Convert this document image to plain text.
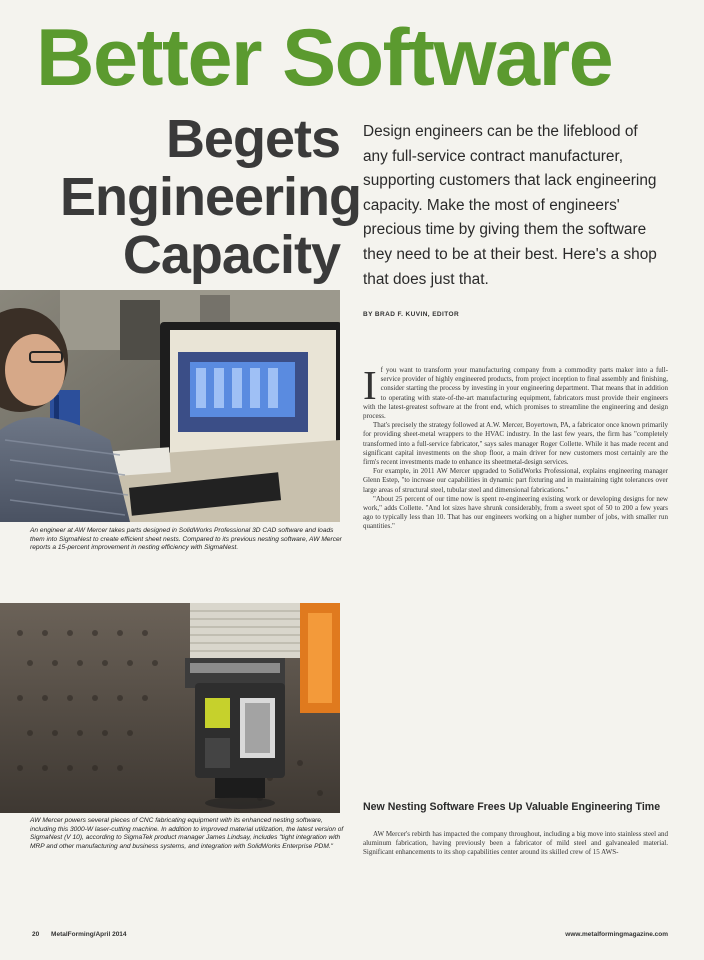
Better Software
Begets
Engineering
Capacity
Design engineers can be the lifeblood of any full-service contract manufacturer, supporting customers that lack engineering capacity. Make the most of engineers' precious time by giving them the software they need to be at their best. Here's a shop that does just that.
BY BRAD F. KUVIN, EDITOR
An engineer at AW Mercer takes parts designed in SolidWorks Professional 3D CAD software and loads them into SigmaNest to create efficient sheet nests. Compared to its previous nesting software, AW Mercer reports a 15-percent improvement in nesting efficiency with SigmaNest.
AW Mercer powers several pieces of CNC fabricating equipment with its enhanced nesting software, including this 3000-W laser-cutting machine. In addition to improved material utilization, the latest version of SigmaNest (V 10), according to SigmaTek product manager James Lindsay, includes "tight integration with MRP and other manufacturing and business systems, and integration with SolidWorks Enterprise PDM."

If you want to transform your manufacturing company from a commodity parts maker into a full-service provider of highly engineered products, from project inception to final assembly and finishing, consider starting the process by investing in your engineering department. That means that in addition to operating with state-of-the-art manufacturing equipment, fabricators must provide their engineers with the latest-greatest software at the front end, which promises to streamline the engineering and design process.

That's precisely the strategy followed at A.W. Mercer, Boyertown, PA, a fabricator once known primarily for providing sheet-metal wrappers to the HVAC industry. In the last few years, the firm has "completely transformed into a full-service fabricator," says sales manager Roger Collette. While it has made recent and significant capital investments on the shop floor, a main driver for new customers most certainly are the firm's recent investments made to enhance its sheetmetal-design services.

For example, in 2011 AW Mercer upgraded to SolidWorks Professional, explains engineering manager Glenn Estep, "to increase our capabilities in dynamic part fixturing and in maintaining tight tolerances over large areas of structural steel, tubular steel and dimensional fabrications."

"About 25 percent of our time now is spent re-engineering existing work or developing designs for new work," adds Collette. "And lot sizes have shrunk considerably, from a sweet spot of 50 to 200 a few years ago to typically less than 10. That has our engineers working on a higher number of jobs, with smaller run quantities."

New Nesting Software Frees Up Valuable Engineering Time

AW Mercer's rebirth has impacted the company throughout, including a big move into stainless steel and aluminum fabrication, having previously been a fabricator of mild steel and galvanealed material. Significant enhancements to its shop capabilities center around its skilled crew of 15 AWS-

20 MetalForming/April 2014	www.metalformingmagazine.com
